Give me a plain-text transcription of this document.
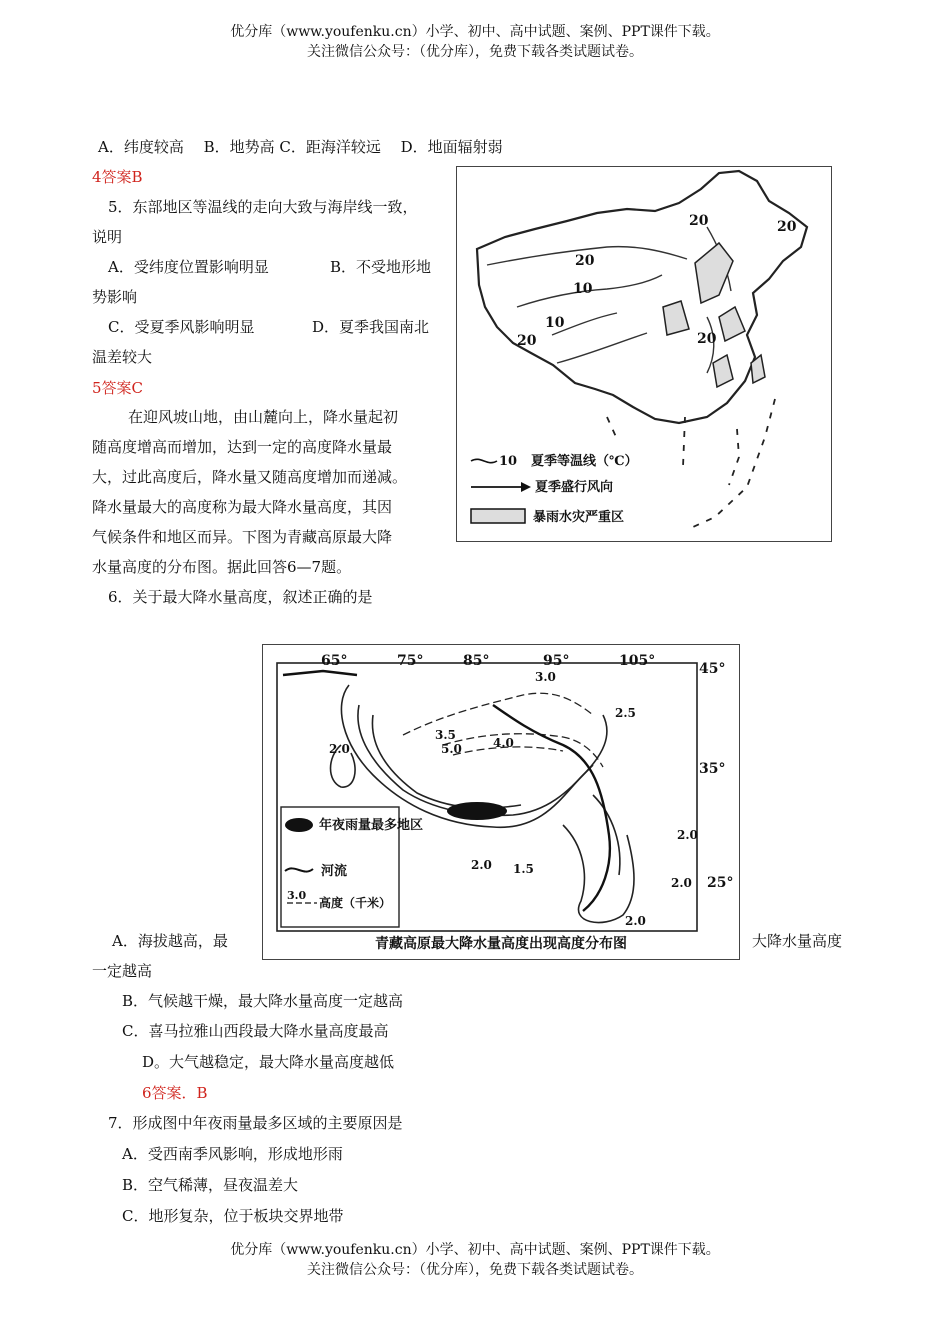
优分库（www.youfenku.cn）小学、初中、高中试题、案例、PPT课件下载。
关注微信公众号：（优分库），免费下载各类试题试卷。
A．纬度较高　 B．地势高 C．距海洋较远　 D．地面辐射弱
4答案B
5．东部地区等温线的走向大致与海岸线一致，
说明
A．受纬度位置影响明显	B．不受地形地
势影响
C．受夏季风影响明显	D．夏季我国南北
温差较大
5答案C
在迎风坡山地，由山麓向上，降水量起初
随高度增高而增加，达到一定的高度降水量最
大，过此高度后，降水量又随高度增加而递减。
降水量最大的高度称为最大降水量高度，其因
气候条件和地区而异。下图为青藏高原最大降
水量高度的分布图。据此回答6—7题。
6．关于最大降水量高度，叙述正确的是
20	20
20
10
10
20	20
10 夏季等温线（℃）
夏季盛行风向
暴雨水灾严重区
65°	75°	85°	95°	105°	45°
35°
25°
3.0
2.5
3.5
5.0	4.0
2.0
2.0
2.0 1.5
2.0
2.0
年夜雨量最多地区
河流
3.0
高度（千米）
青藏高原最大降水量高度出现高度分布图
A．海拔越高，最	大降水量高度
一定越高
B．气候越干燥，最大降水量高度一定越高
C．喜马拉雅山西段最大降水量高度最高
D。大气越稳定，最大降水量高度越低
6答案．B
7．形成图中年夜雨量最多区域的主要原因是
A．受西南季风影响，形成地形雨
B．空气稀薄，昼夜温差大
C．地形复杂，位于板块交界地带
优分库（www.youfenku.cn）小学、初中、高中试题、案例、PPT课件下载。
关注微信公众号：（优分库），免费下载各类试题试卷。
